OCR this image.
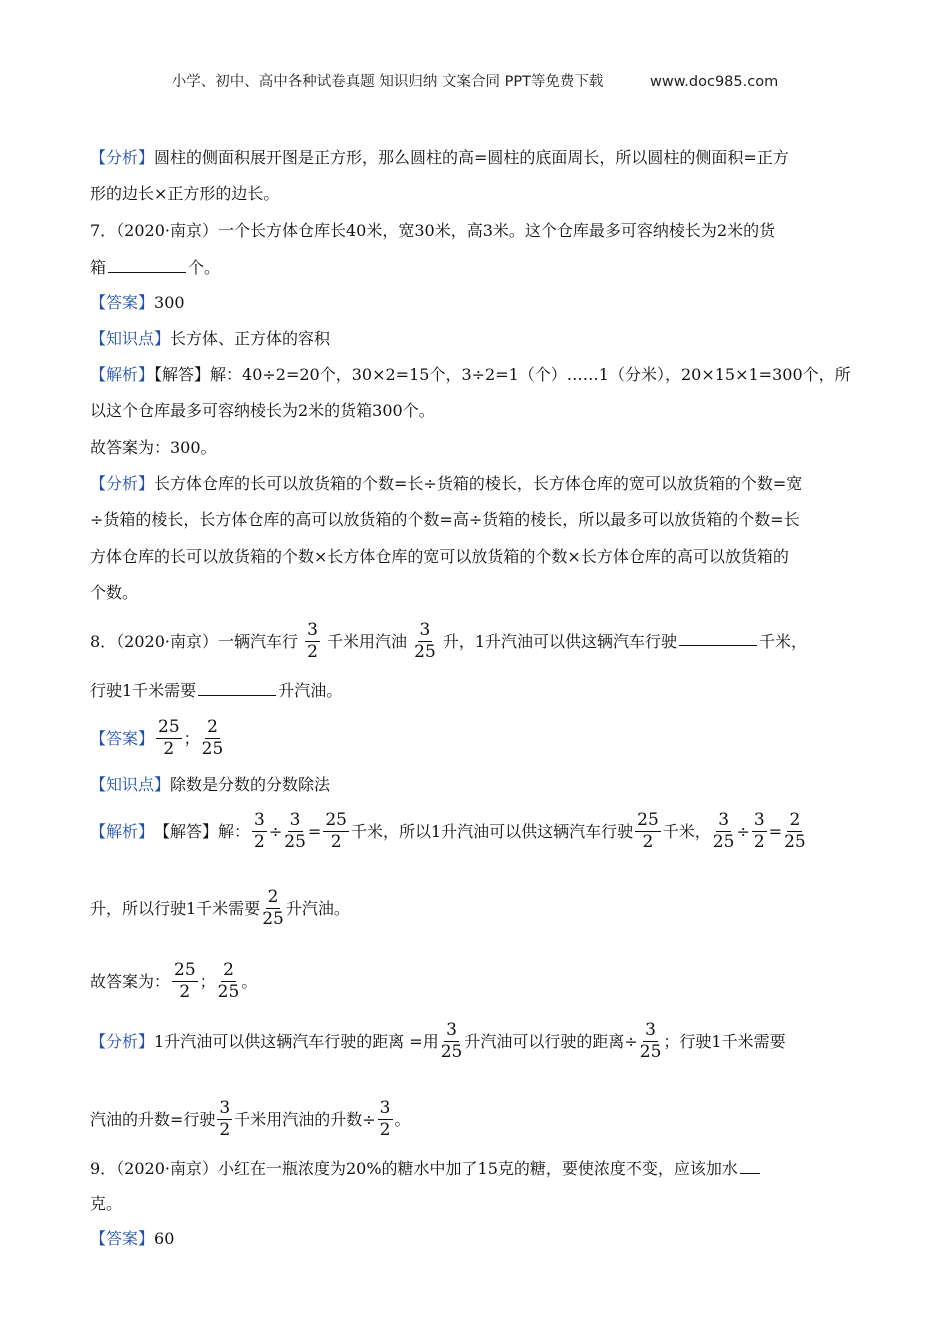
小学、初中、高中各种试卷真题 知识归纳 文案合同 PPT等免费下载	www.doc985.com
【分析】圆柱的侧面积展开图是正方形，那么圆柱的高=圆柱的底面周长，所以圆柱的侧面积=正方
形的边长×正方形的边长。
7．（2020·南京）一个长方体仓库长40米，宽30米，高3米。这个仓库最多可容纳棱长为2米的货
箱	个。
【答案】300
【知识点】长方体、正方体的容积
【解析】【解答】解：40÷2=20个，30×2=15个，3÷2=1（个）……1（分米），20×15×1=300个，所
以这个仓库最多可容纳棱长为2米的货箱300个。
故答案为：300。
【分析】长方体仓库的长可以放货箱的个数=长÷货箱的棱长，长方体仓库的宽可以放货箱的个数=宽
÷货箱的棱长，长方体仓库的高可以放货箱的个数=高÷货箱的棱长，所以最多可以放货箱的个数=长
方体仓库的长可以放货箱的个数×长方体仓库的宽可以放货箱的个数×长方体仓库的高可以放货箱的
个数。
8．（2020·南京）一辆汽车行 $\frac{3}{2}$ 千米用汽油 $\frac{3}{25}$ 升，1升汽油可以供这辆汽车行驶	千米，
行驶1千米需要	升汽油。
【答案】 $\frac{25}{2}$ ； $\frac{2}{25}$
【知识点】除数是分数的分数除法
【解析】【解答】解： $\frac{3}{2} \div \frac{3}{25} = \frac{25}{2}$ 千米，所以1升汽油可以供这辆汽车行驶 $\frac{25}{2}$ 千米， $\frac{3}{25} \div \frac{3}{2} = \frac{2}{25}$
升，所以行驶1千米需要 $\frac{2}{25}$ 升汽油。
故答案为： $\frac{25}{2}$ ； $\frac{2}{25}$ 。
【分析】1升汽油可以供这辆汽车行驶的距离 =用 $\frac{3}{25}$ 升汽油可以行驶的距离÷ $\frac{3}{25}$ ；行驶1千米需要
汽油的升数=行驶 $\frac{3}{2}$ 千米用汽油的升数÷ $\frac{3}{2}$ 。
9．（2020·南京）小红在一瓶浓度为20%的糖水中加了15克的糖，要使浓度不变，应该加水
克。
【答案】60
